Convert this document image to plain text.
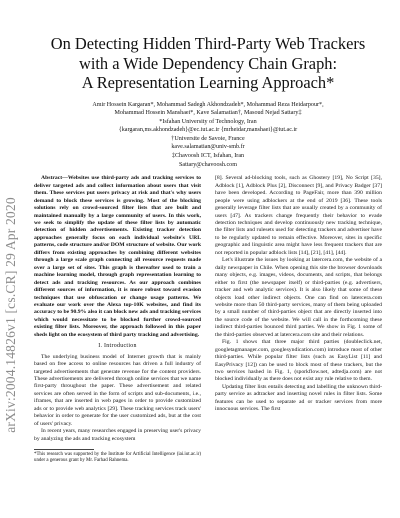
arXiv:2004.14826v1 [cs.CR] 29 Apr 2020
On Detecting Hidden Third-Party Web Trackers
with a Wide Dependency Chain Graph:
A Representation Learning Approach*
Amir Hossein Kargaran*, Mohammad Sadegh Akhondzadeh*, Mohammad Reza Heidarpour*,
Mohammad Hossein Manshaei*, Kave Salamatian†, Masoud Nejad Sattary‡
*Isfahan University of Technology, Iran
{kargaran,ms.akhondzadeh}@ec.iut.ac.ir {mrheidar,manshaei}@iut.ac.ir
†Universite de Savoie, France
kave.salamatian@univ-smb.fr
‡Chavoosh ICT, Isfahan, Iran
Sattary@chavoosh.com

Abstract—Websites use third-party ads and tracking services to deliver targeted ads and collect information about users that visit them. These services put users privacy at risk and that's why users demand to block these services is growing. Most of the blocking solutions rely on crowd-sourced filter lists that are built and maintained manually by a large community of users. In this work, we seek to simplify the update of these filter lists by automatic detection of hidden advertisements. Existing tracker detection approaches generally focus on each individual website's URL patterns, code structure and/or DOM structure of website. Our work differs from existing approaches by combining different websites through a large scale graph connecting all resource requests made over a large set of sites. This graph is thereafter used to train a machine learning model, through graph representation learning to detect ads and tracking resources. As our approach combines different sources of information, it is more robust toward evasion techniques that use obfuscation or change usage patterns. We evaluate our work over the Alexa top-10K websites, and find its accuracy to be 90.9% also it can block new ads and tracking services which would necessitate to be blocked further crowd-sourced existing filter lists. Moreover, the approach followed in this paper sheds light on the ecosystem of third party tracking and advertising.

I. Introduction

The underlying business model of Internet growth that is mainly based on free access to online resources has driven a full industry of targeted advertisements that generate revenue for the content providers. These advertisements are delivered through online services that we name first-party throughout the paper. These advertisement and related services are often served in the form of scripts and sub-documents, i.e., iframes, that are inserted in web pages in order to provide customized ads or to provide web analytics [29]. These tracking services track users' behavior in order to generate for the user customized ads, but at the cost of users' privacy.

In recent years, many researches engaged in preserving user's privacy by analyzing the ads and tracking ecosystem

*This research was supported by the Institute for Artificial Intelligence (iai.iut.ac.ir) under a generous grant by Mr. Farhad Rahnema.

[8]. Several ad-blocking tools, such as Ghostery [19], No Script [35], Adblock [1], Adblock Plus [2], Disconnect [9], and Privacy Badger [37] have been developed. According to PageFair, more than 390 million people were using adblockers at the end of 2019 [36]. These tools generally leverage filter lists that are usually created by a community of users [47]. As trackers change frequently their behavior to evade detection techniques and develop continuously new tracking technique, the filter lists and rulesets used for detecting trackers and advertiser have to be regularly updated to remain effective. Moreover, sites in specific geographic and linguistic area might have less frequent trackers that are not reported in popular adblock lists [14], [21], [41], [44].

Let's illustrate the issues by looking at latercera.com, the website of a daily newspaper in Chile. When opening this site the browser downloads many objects, e.g. images, videos, documents, and scripts, that belongs either to first (the newspaper itself) or third-parties (e.g. advertisers, tracker and web analytic services). It is also likely that some of these objects load other indirect objects. One can find on latercera.com website more than 50 third-party services, many of them being uploaded by a small number of third-parties object that are directly inserted into the source code of the website. We will call in the forthcoming these indirect third-parties bounced third parties. We show in Fig. 1 some of the third-parties observed at latercera.com site and their relations.

Fig. 1 shows that three major third parties (doubleclick.net, googletagmanager.com, googlesyndication.com) introduce most of other third-parties. While popular filter lists (such as EasyList [11] and EasyPrivacy [12]) can be used to block most of these trackers, but the two services hashed in Fig. 1, (sporkflow.net, adtedja.com) are not blocked individually as there does not exist any rule relative to them.

Updating filter lists entails detecting and labelling the unknown third-party service as adtracker and inserting novel rules in filter lists. Some features can be used to separate ad or tracker services from more innocuous services. The first
